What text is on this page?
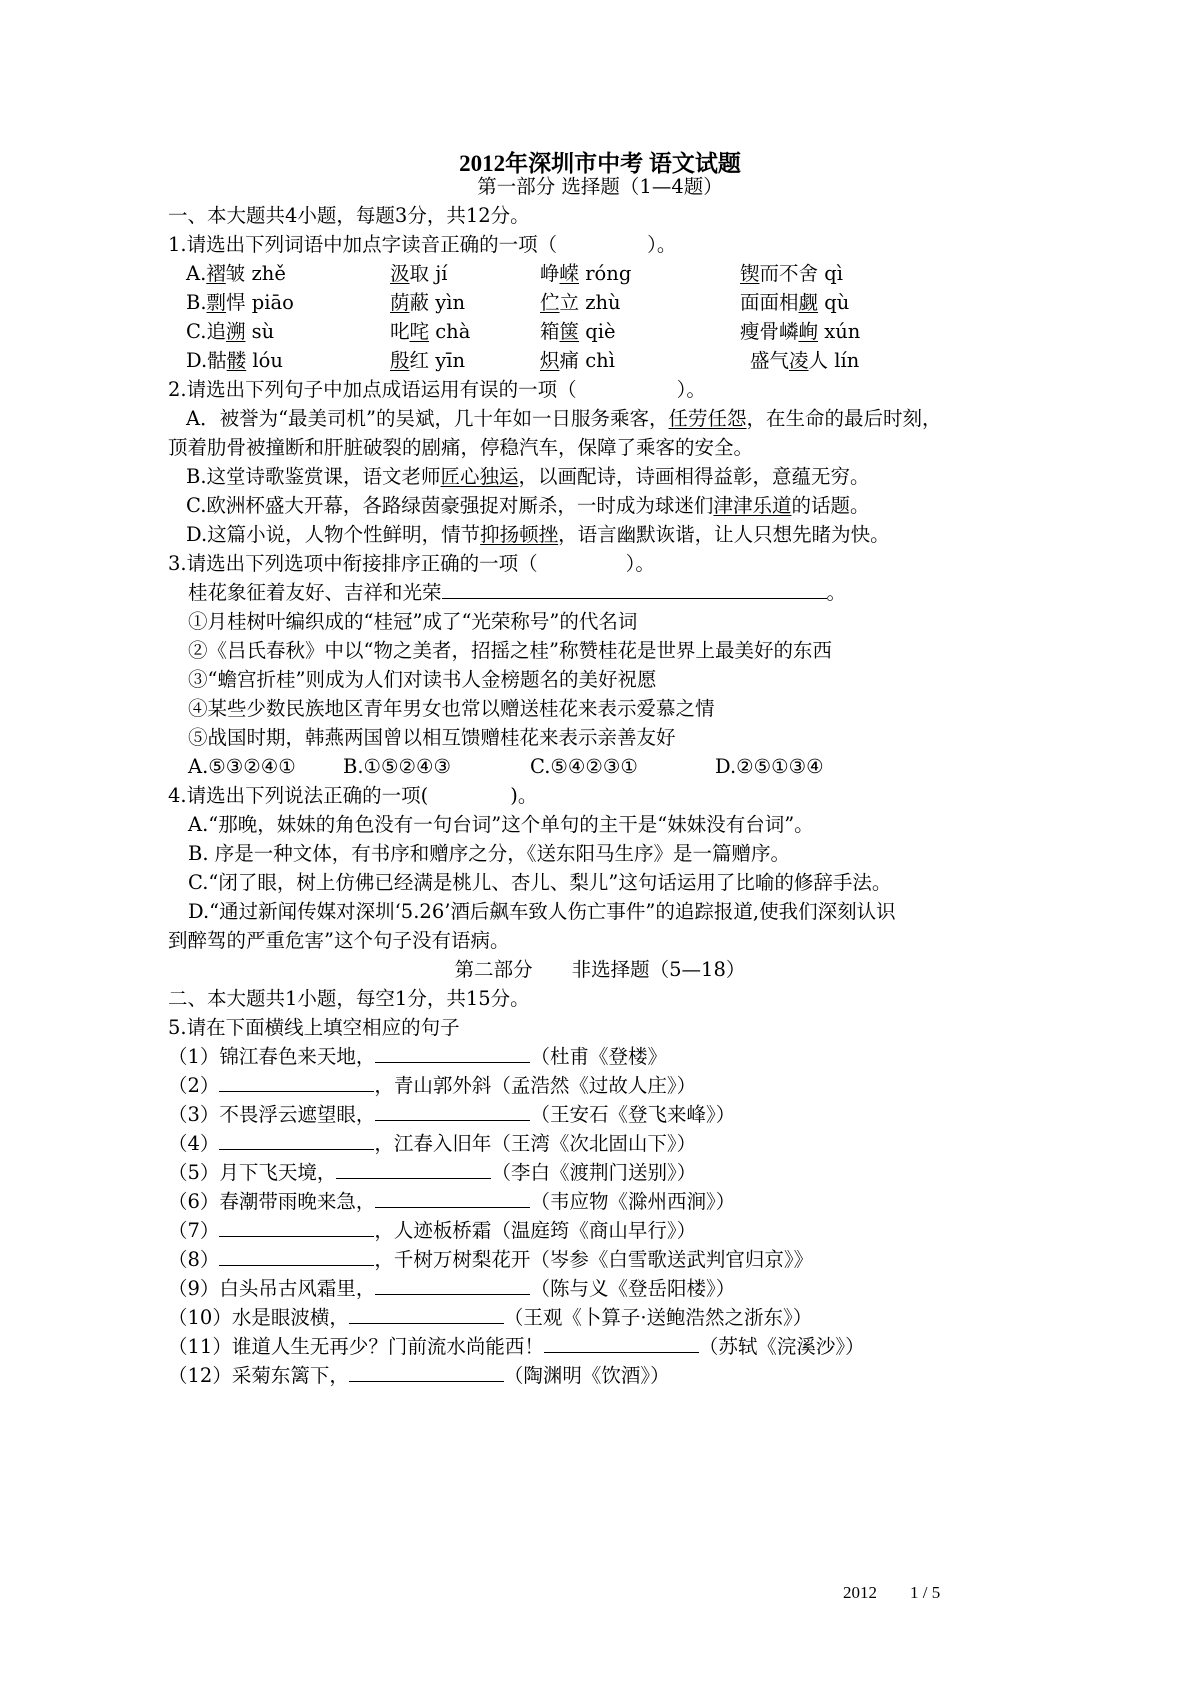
2012年深圳市中考 语文试题
第一部分 选择题（1—4题）
一、本大题共4小题，每题3分，共12分。
1.请选出下列词语中加点字读音正确的一项（	）。
A.褶皱 zhě	汲取 jí	峥嵘 róng	锲而不舍 qì
B.剽悍 piāo	荫蔽 yìn	伫立 zhù	面面相觑 qù
C.追溯 sù	叱咤 chà	箱箧 qiè	瘦骨嶙峋 xún
D.骷髅 lóu	殷红 yīn	炽痛 chì	盛气凌人 lín
2.请选出下列句子中加点成语运用有误的一项（	）。
A．被誉为“最美司机”的吴斌，几十年如一日服务乘客，任劳任怨，在生命的最后时刻，
顶着肋骨被撞断和肝脏破裂的剧痛，停稳汽车，保障了乘客的安全。
B.这堂诗歌鉴赏课，语文老师匠心独运，以画配诗，诗画相得益彰，意蕴无穷。
C.欧洲杯盛大开幕，各路绿茵豪强捉对厮杀，一时成为球迷们津津乐道的话题。
D.这篇小说，人物个性鲜明，情节抑扬顿挫，语言幽默诙谐，让人只想先睹为快。
3.请选出下列选项中衔接排序正确的一项（	）。
桂花象征着友好、吉祥和光荣	。
①月桂树叶编织成的“桂冠”成了“光荣称号”的代名词
②《吕氏春秋》中以“物之美者，招摇之桂”称赞桂花是世界上最美好的东西
③“蟾宫折桂”则成为人们对读书人金榜题名的美好祝愿
④某些少数民族地区青年男女也常以赠送桂花来表示爱慕之情
⑤战国时期，韩燕两国曾以相互馈赠桂花来表示亲善友好
A.⑤③②④① B.①⑤②④③	C.⑤④②③①	D.②⑤①③④
4.请选出下列说法正确的一项(	)。
A.“那晚，妹妹的角色没有一句台词”这个单句的主干是“妹妹没有台词”。
B. 序是一种文体，有书序和赠序之分，《送东阳马生序》是一篇赠序。
C.“闭了眼，树上仿佛已经满是桃儿、杏儿、梨儿”这句话运用了比喻的修辞手法。
D.“通过新闻传媒对深圳‘5.26’酒后飙车致人伤亡事件”的追踪报道,使我们深刻认识
到醉驾的严重危害”这个句子没有语病。
第二部分　　非选择题（5—18）
二、本大题共1小题，每空1分，共15分。
5.请在下面横线上填空相应的句子
（1）锦江春色来天地，	（杜甫《登楼》
（2）	，青山郭外斜（孟浩然《过故人庄》）
（3）不畏浮云遮望眼，	（王安石《登飞来峰》）
（4）	，江春入旧年（王湾《次北固山下》）
（5）月下飞天境，	（李白《渡荆门送别》）
（6）春潮带雨晚来急，	（韦应物《滁州西涧》）
（7）	，人迹板桥霜（温庭筠《商山早行》）
（8）	，千树万树梨花开（岑参《白雪歌送武判官归京》》
（9）白头吊古风霜里，	（陈与义《登岳阳楼》）
（10）水是眼波横，	（王观《卜算子·送鲍浩然之浙东》）
（11）谁道人生无再少？门前流水尚能西！	（苏轼《浣溪沙》）
（12）采菊东篱下，	（陶渊明《饮酒》）
2012 1 / 5
